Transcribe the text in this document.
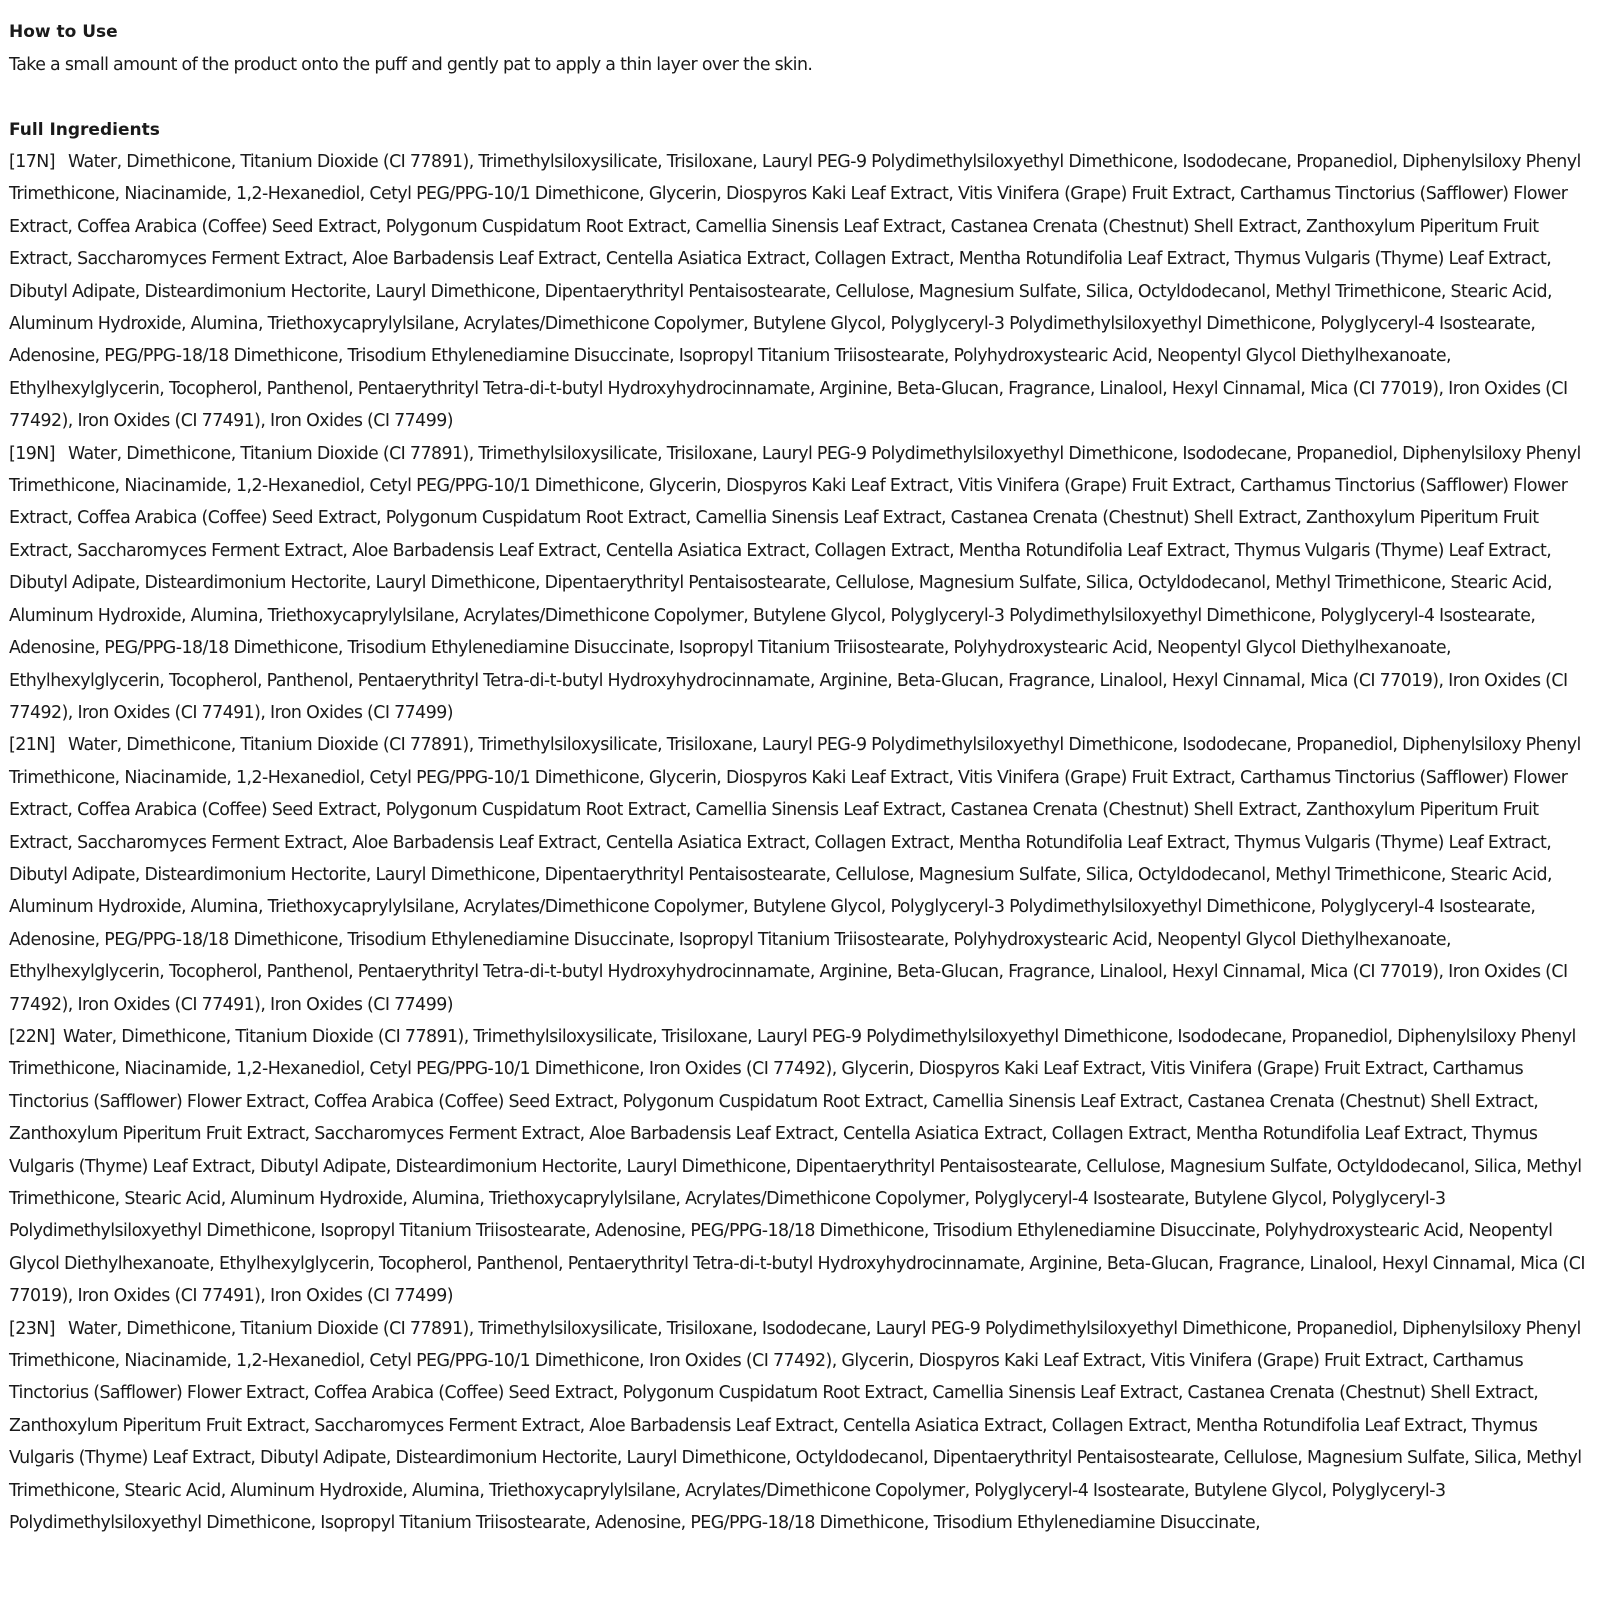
How to Use

Take a small amount of the product onto the puff and gently pat to apply a thin layer over the skin.

Full Ingredients

[17N] Water, Dimethicone, Titanium Dioxide (CI 77891), Trimethylsiloxysilicate, Trisiloxane, Lauryl PEG-9 Polydimethylsiloxyethyl Dimethicone, Isododecane, Propanediol, Diphenylsiloxy Phenyl Trimethicone, Niacinamide, 1,2-Hexanediol, Cetyl PEG/PPG-10/1 Dimethicone, Glycerin, Diospyros Kaki Leaf Extract, Vitis Vinifera (Grape) Fruit Extract, Carthamus Tinctorius (Safflower) Flower Extract, Coffea Arabica (Coffee) Seed Extract, Polygonum Cuspidatum Root Extract, Camellia Sinensis Leaf Extract, Castanea Crenata (Chestnut) Shell Extract, Zanthoxylum Piperitum Fruit Extract, Saccharomyces Ferment Extract, Aloe Barbadensis Leaf Extract, Centella Asiatica Extract, Collagen Extract, Mentha Rotundifolia Leaf Extract, Thymus Vulgaris (Thyme) Leaf Extract, Dibutyl Adipate, Disteardimonium Hectorite, Lauryl Dimethicone, Dipentaerythrityl Pentaisostearate, Cellulose, Magnesium Sulfate, Silica, Octyldodecanol, Methyl Trimethicone, Stearic Acid, Aluminum Hydroxide, Alumina, Triethoxycaprylylsilane, Acrylates/Dimethicone Copolymer, Butylene Glycol, Polyglyceryl-3 Polydimethylsiloxyethyl Dimethicone, Polyglyceryl-4 Isostearate, Adenosine, PEG/PPG-18/18 Dimethicone, Trisodium Ethylenediamine Disuccinate, Isopropyl Titanium Triisostearate, Polyhydroxystearic Acid, Neopentyl Glycol Diethylhexanoate, Ethylhexylglycerin, Tocopherol, Panthenol, Pentaerythrityl Tetra-di-t-butyl Hydroxyhydrocinnamate, Arginine, Beta-Glucan, Fragrance, Linalool, Hexyl Cinnamal, Mica (CI 77019), Iron Oxides (CI 77492), Iron Oxides (CI 77491), Iron Oxides (CI 77499)

[19N] Water, Dimethicone, Titanium Dioxide (CI 77891), Trimethylsiloxysilicate, Trisiloxane, Lauryl PEG-9 Polydimethylsiloxyethyl Dimethicone, Isododecane, Propanediol, Diphenylsiloxy Phenyl Trimethicone, Niacinamide, 1,2-Hexanediol, Cetyl PEG/PPG-10/1 Dimethicone, Glycerin, Diospyros Kaki Leaf Extract, Vitis Vinifera (Grape) Fruit Extract, Carthamus Tinctorius (Safflower) Flower Extract, Coffea Arabica (Coffee) Seed Extract, Polygonum Cuspidatum Root Extract, Camellia Sinensis Leaf Extract, Castanea Crenata (Chestnut) Shell Extract, Zanthoxylum Piperitum Fruit Extract, Saccharomyces Ferment Extract, Aloe Barbadensis Leaf Extract, Centella Asiatica Extract, Collagen Extract, Mentha Rotundifolia Leaf Extract, Thymus Vulgaris (Thyme) Leaf Extract, Dibutyl Adipate, Disteardimonium Hectorite, Lauryl Dimethicone, Dipentaerythrityl Pentaisostearate, Cellulose, Magnesium Sulfate, Silica, Octyldodecanol, Methyl Trimethicone, Stearic Acid, Aluminum Hydroxide, Alumina, Triethoxycaprylylsilane, Acrylates/Dimethicone Copolymer, Butylene Glycol, Polyglyceryl-3 Polydimethylsiloxyethyl Dimethicone, Polyglyceryl-4 Isostearate, Adenosine, PEG/PPG-18/18 Dimethicone, Trisodium Ethylenediamine Disuccinate, Isopropyl Titanium Triisostearate, Polyhydroxystearic Acid, Neopentyl Glycol Diethylhexanoate, Ethylhexylglycerin, Tocopherol, Panthenol, Pentaerythrityl Tetra-di-t-butyl Hydroxyhydrocinnamate, Arginine, Beta-Glucan, Fragrance, Linalool, Hexyl Cinnamal, Mica (CI 77019), Iron Oxides (CI 77492), Iron Oxides (CI 77491), Iron Oxides (CI 77499)

[21N] Water, Dimethicone, Titanium Dioxide (CI 77891), Trimethylsiloxysilicate, Trisiloxane, Lauryl PEG-9 Polydimethylsiloxyethyl Dimethicone, Isododecane, Propanediol, Diphenylsiloxy Phenyl Trimethicone, Niacinamide, 1,2-Hexanediol, Cetyl PEG/PPG-10/1 Dimethicone, Glycerin, Diospyros Kaki Leaf Extract, Vitis Vinifera (Grape) Fruit Extract, Carthamus Tinctorius (Safflower) Flower Extract, Coffea Arabica (Coffee) Seed Extract, Polygonum Cuspidatum Root Extract, Camellia Sinensis Leaf Extract, Castanea Crenata (Chestnut) Shell Extract, Zanthoxylum Piperitum Fruit Extract, Saccharomyces Ferment Extract, Aloe Barbadensis Leaf Extract, Centella Asiatica Extract, Collagen Extract, Mentha Rotundifolia Leaf Extract, Thymus Vulgaris (Thyme) Leaf Extract, Dibutyl Adipate, Disteardimonium Hectorite, Lauryl Dimethicone, Dipentaerythrityl Pentaisostearate, Cellulose, Magnesium Sulfate, Silica, Octyldodecanol, Methyl Trimethicone, Stearic Acid, Aluminum Hydroxide, Alumina, Triethoxycaprylylsilane, Acrylates/Dimethicone Copolymer, Butylene Glycol, Polyglyceryl-3 Polydimethylsiloxyethyl Dimethicone, Polyglyceryl-4 Isostearate, Adenosine, PEG/PPG-18/18 Dimethicone, Trisodium Ethylenediamine Disuccinate, Isopropyl Titanium Triisostearate, Polyhydroxystearic Acid, Neopentyl Glycol Diethylhexanoate, Ethylhexylglycerin, Tocopherol, Panthenol, Pentaerythrityl Tetra-di-t-butyl Hydroxyhydrocinnamate, Arginine, Beta-Glucan, Fragrance, Linalool, Hexyl Cinnamal, Mica (CI 77019), Iron Oxides (CI 77492), Iron Oxides (CI 77491), Iron Oxides (CI 77499)

[22N] Water, Dimethicone, Titanium Dioxide (CI 77891), Trimethylsiloxysilicate, Trisiloxane, Lauryl PEG-9 Polydimethylsiloxyethyl Dimethicone, Isododecane, Propanediol, Diphenylsiloxy Phenyl Trimethicone, Niacinamide, 1,2-Hexanediol, Cetyl PEG/PPG-10/1 Dimethicone, Iron Oxides (CI 77492), Glycerin, Diospyros Kaki Leaf Extract, Vitis Vinifera (Grape) Fruit Extract, Carthamus Tinctorius (Safflower) Flower Extract, Coffea Arabica (Coffee) Seed Extract, Polygonum Cuspidatum Root Extract, Camellia Sinensis Leaf Extract, Castanea Crenata (Chestnut) Shell Extract, Zanthoxylum Piperitum Fruit Extract, Saccharomyces Ferment Extract, Aloe Barbadensis Leaf Extract, Centella Asiatica Extract, Collagen Extract, Mentha Rotundifolia Leaf Extract, Thymus Vulgaris (Thyme) Leaf Extract, Dibutyl Adipate, Disteardimonium Hectorite, Lauryl Dimethicone, Dipentaerythrityl Pentaisostearate, Cellulose, Magnesium Sulfate, Octyldodecanol, Silica, Methyl Trimethicone, Stearic Acid, Aluminum Hydroxide, Alumina, Triethoxycaprylylsilane, Acrylates/Dimethicone Copolymer, Polyglyceryl-4 Isostearate, Butylene Glycol, Polyglyceryl-3 Polydimethylsiloxyethyl Dimethicone, Isopropyl Titanium Triisostearate, Adenosine, PEG/PPG-18/18 Dimethicone, Trisodium Ethylenediamine Disuccinate, Polyhydroxystearic Acid, Neopentyl Glycol Diethylhexanoate, Ethylhexylglycerin, Tocopherol, Panthenol, Pentaerythrityl Tetra-di-t-butyl Hydroxyhydrocinnamate, Arginine, Beta-Glucan, Fragrance, Linalool, Hexyl Cinnamal, Mica (CI 77019), Iron Oxides (CI 77491), Iron Oxides (CI 77499)

[23N] Water, Dimethicone, Titanium Dioxide (CI 77891), Trimethylsiloxysilicate, Trisiloxane, Isododecane, Lauryl PEG-9 Polydimethylsiloxyethyl Dimethicone, Propanediol, Diphenylsiloxy Phenyl Trimethicone, Niacinamide, 1,2-Hexanediol, Cetyl PEG/PPG-10/1 Dimethicone, Iron Oxides (CI 77492), Glycerin, Diospyros Kaki Leaf Extract, Vitis Vinifera (Grape) Fruit Extract, Carthamus Tinctorius (Safflower) Flower Extract, Coffea Arabica (Coffee) Seed Extract, Polygonum Cuspidatum Root Extract, Camellia Sinensis Leaf Extract, Castanea Crenata (Chestnut) Shell Extract, Zanthoxylum Piperitum Fruit Extract, Saccharomyces Ferment Extract, Aloe Barbadensis Leaf Extract, Centella Asiatica Extract, Collagen Extract, Mentha Rotundifolia Leaf Extract, Thymus Vulgaris (Thyme) Leaf Extract, Dibutyl Adipate, Disteardimonium Hectorite, Lauryl Dimethicone, Octyldodecanol, Dipentaerythrityl Pentaisostearate, Cellulose, Magnesium Sulfate, Silica, Methyl Trimethicone, Stearic Acid, Aluminum Hydroxide, Alumina, Triethoxycaprylylsilane, Acrylates/Dimethicone Copolymer, Polyglyceryl-4 Isostearate, Butylene Glycol, Polyglyceryl-3 Polydimethylsiloxyethyl Dimethicone, Isopropyl Titanium Triisostearate, Adenosine, PEG/PPG-18/18 Dimethicone, Trisodium Ethylenediamine Disuccinate,
